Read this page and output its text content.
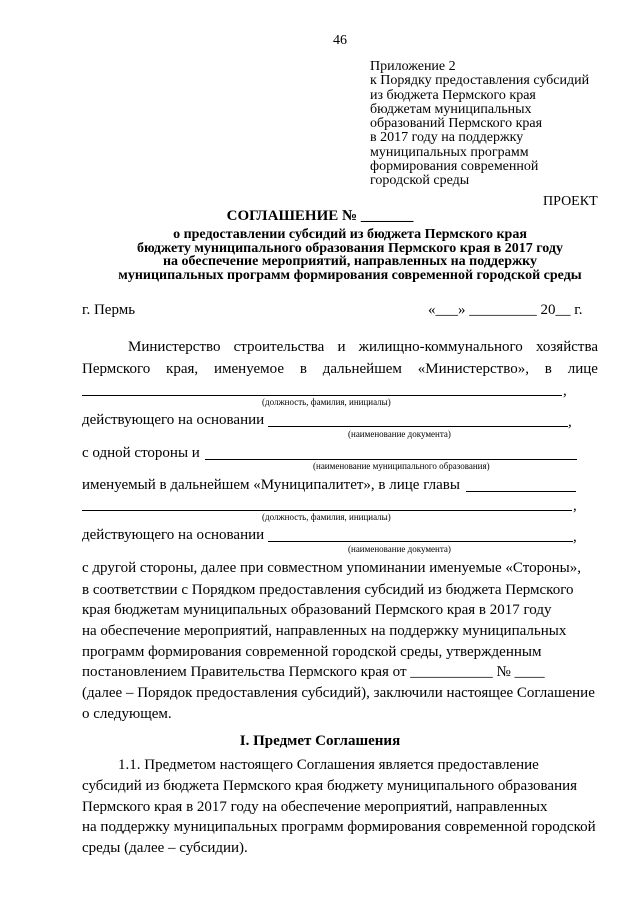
46
Приложение 2
к Порядку предоставления субсидий
из бюджета Пермского края
бюджетам муниципальных
образований Пермского края
в 2017 году на поддержку
муниципальных программ
формирования современной
городской среды
ПРОЕКТ
СОГЛАШЕНИЕ № _______
о предоставлении субсидий из бюджета Пермского края
бюджету муниципального образования Пермского края в 2017 году
на обеспечение мероприятий, направленных на поддержку
муниципальных программ формирования современной городской среды
г. Пермь	«___» _________ 20__ г.
Министерство строительства и жилищно-коммунального хозяйства
Пермского края, именуемое в дальнейшем «Министерство», в лице
,
(должность, фамилия, инициалы)
действующего на основании	,
(наименование документа)
с одной стороны и
(наименование муниципального образования)
именуемый в дальнейшем «Муниципалитет», в лице главы
,
(должность, фамилия, инициалы)
действующего на основании	,
(наименование документа)
с другой стороны, далее при совместном упоминании именуемые «Стороны»,
в соответствии с Порядком предоставления субсидий из бюджета Пермского
края бюджетам муниципальных образований Пермского края в 2017 году
на обеспечение мероприятий, направленных на поддержку муниципальных
программ формирования современной городской среды, утвержденным
постановлением Правительства Пермского края от ___________ № ____
(далее – Порядок предоставления субсидий), заключили настоящее Соглашение
о следующем.
I. Предмет Соглашения
1.1. Предметом настоящего Соглашения является предоставление
субсидий из бюджета Пермского края бюджету муниципального образования
Пермского края в 2017 году на обеспечение мероприятий, направленных
на поддержку муниципальных программ формирования современной городской
среды (далее – субсидии).
